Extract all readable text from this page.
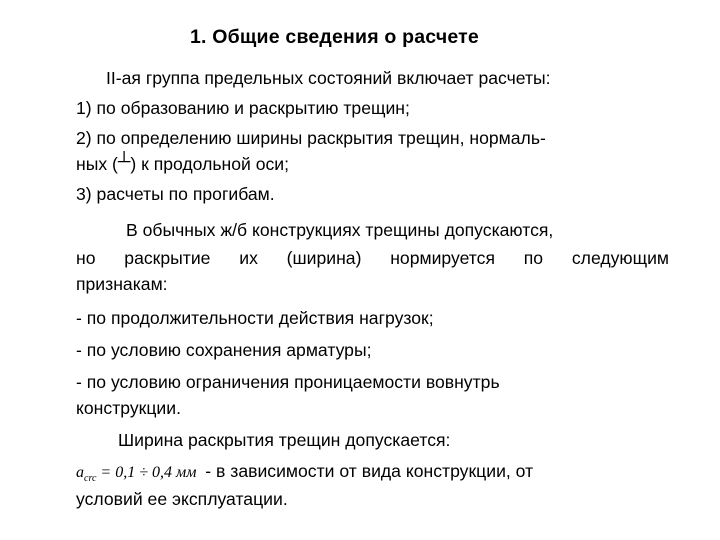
1. Общие сведения о расчете
II-ая группа предельных состояний включает расчеты:
1) по образованию и раскрытию трещин;
2) по определению ширины раскрытия трещин, нормаль-
ных (┴) к продольной оси;
3) расчеты по прогибам.
В обычных ж/б конструкциях трещины допускаются,
но раскрытие их (ширина) нормируется по следующим
признакам:
- по продолжительности действия нагрузок;
- по условию сохранения арматуры;
- по условию ограничения проницаемости вовнутрь
конструкции.
Ширина раскрытия трещин допускается:
$a_{crc} = 0,1 \div 0,4$ мм - в зависимости от вида конструкции, от
условий ее эксплуатации.
